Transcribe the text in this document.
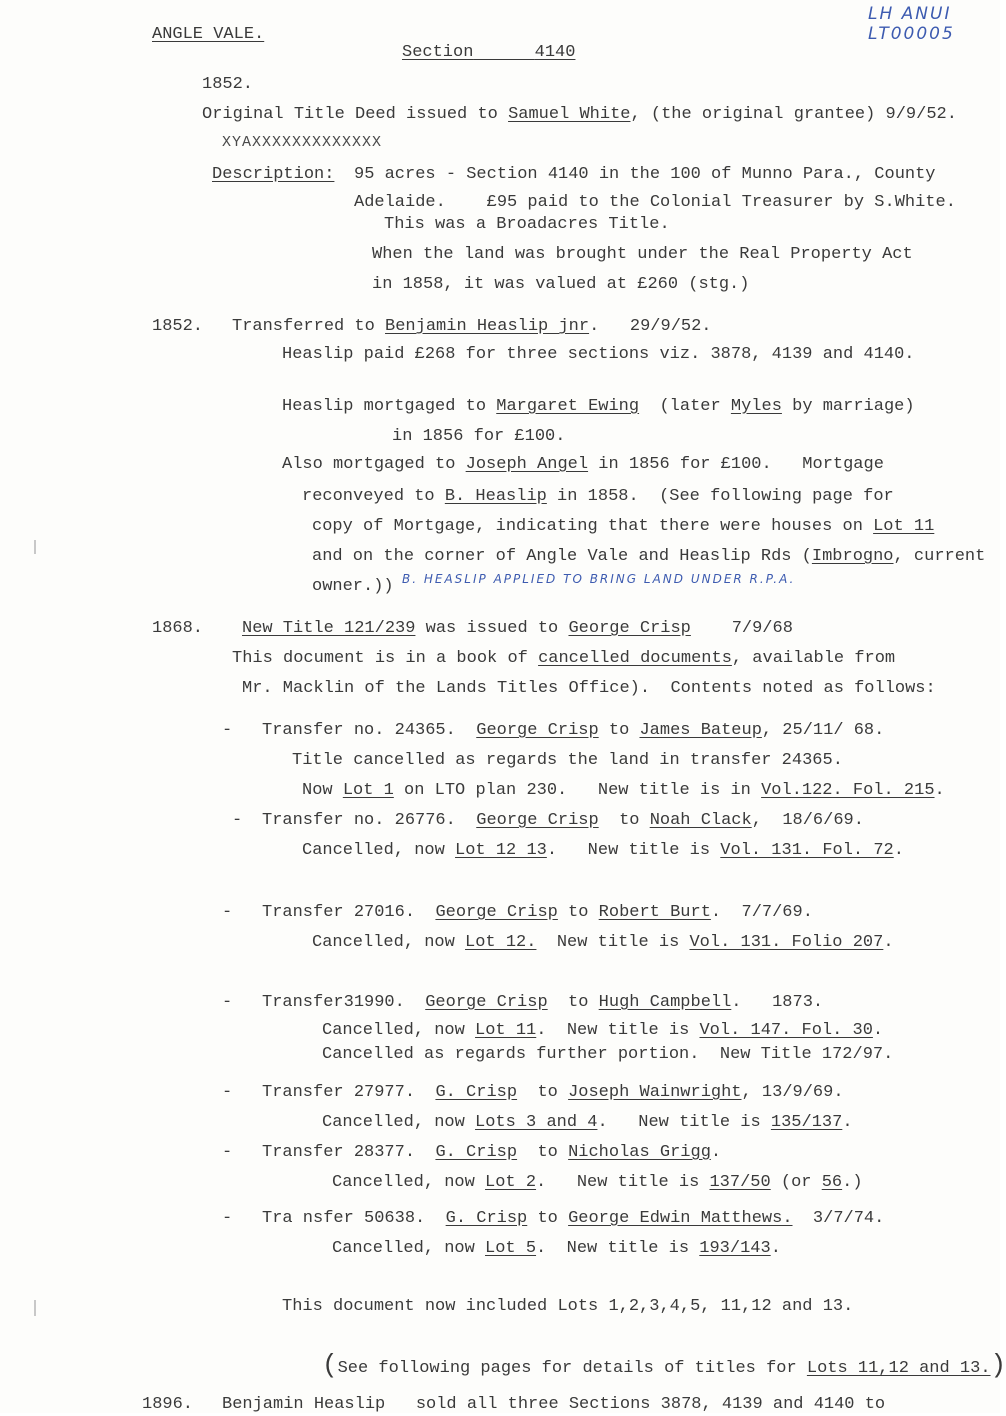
ANGLE VALE.
Section	4140
LH ANUI
LT00005
1852.
Original Title Deed issued to Samuel White, (the original grantee) 9/9/52.
XYAXXXXXXXXXXXXX
Description: 95 acres - Section 4140 in the 100 of Munno Para., County
Adelaide.    £95 paid to the Colonial Treasurer by S.White.
This was a Broadacres Title.
When the land was brought under the Real Property Act
in 1858, it was valued at £260 (stg.)
1852. Transferred to Benjamin Heaslip jnr.   29/9/52.
Heaslip paid £268 for three sections viz. 3878, 4139 and 4140.
Heaslip mortgaged to Margaret Ewing  (later Myles by marriage)
in 1856 for £100.
Also mortgaged to Joseph Angel in 1856 for £100.   Mortgage
reconveyed to B. Heaslip in 1858.  (See following page for
copy of Mortgage, indicating that there were houses on Lot 11
and on the corner of Angle Vale and Heaslip Rds (Imbrogno, current
owner.)) B. HEASLIP APPLIED TO BRING LAND UNDER R.P.A.
1868. New Title 121/239 was issued to George Crisp    7/9/68
This document is in a book of cancelled documents, available from
Mr. Macklin of the Lands Titles Office).  Contents noted as follows:
- Transfer no. 24365.  George Crisp to James Bateup, 25/11/ 68.
Title cancelled as regards the land in transfer 24365.
Now Lot 1 on LTO plan 230.   New title is in Vol.122. Fol. 215.
- Transfer no. 26776.  George Crisp  to Noah Clack,  18/6/69.
Cancelled, now Lot 12 13.   New title is Vol. 131. Fol. 72.
- Transfer 27016.  George Crisp to Robert Burt.  7/7/69.
Cancelled, now Lot 12.  New title is Vol. 131. Folio 207.
- Transfer31990.  George Crisp  to Hugh Campbell.   1873.
Cancelled, now Lot 11.  New title is Vol. 147. Fol. 30.
Cancelled as regards further portion.  New Title 172/97.
- Transfer 27977.  G. Crisp  to Joseph Wainwright, 13/9/69.
Cancelled, now Lots 3 and 4.   New title is 135/137.
- Transfer 28377.  G. Crisp  to Nicholas Grigg.
Cancelled, now Lot 2.   New title is 137/50 (or 56.)
- Tra nsfer 50638.  G. Crisp to George Edwin Matthews.  3/7/74.
Cancelled, now Lot 5.  New title is 193/143.
This document now included Lots 1,2,3,4,5, 11,12 and 13.
(See following pages for details of titles for Lots 11,12 and 13.)
1896. Benjamin Heaslip   sold all three Sections 3878, 4139 and 4140 to
